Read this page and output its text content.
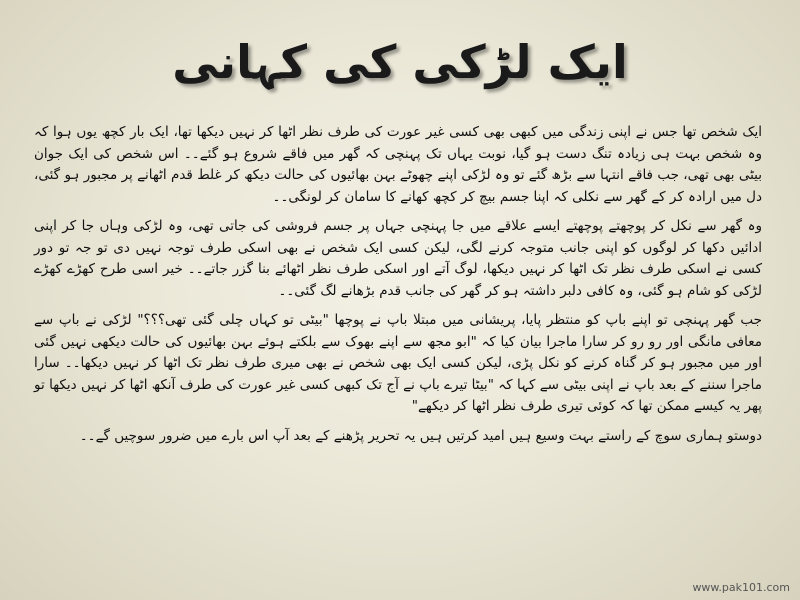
ایک لڑکی کی کہانی

ایک شخص تھا جس نے اپنی زندگی میں کبھی بھی کسی غیر عورت کی طرف نظر اٹھا کر نہیں دیکھا تھا، ایک بار کچھ یوں ہوا کہ وہ شخص بہت ہی زیادہ تنگ دست ہو گیا، نوبت یہاں تک پہنچی کہ گھر میں فاقے شروع ہو گئے۔۔ اس شخص کی ایک جوان بیٹی بھی تھی، جب فاقے انتہا سے بڑھ گئے تو وہ لڑکی اپنے چھوٹے بہن بھائیوں کی حالت دیکھ کر غلط قدم اٹھانے پر مجبور ہو گئی، دل میں ارادہ کر کے گھر سے نکلی کہ اپنا جسم بیچ کر کچھ کھانے کا سامان کر لونگی۔۔

وہ گھر سے نکل کر پوچھتے پوچھتے ایسے علاقے میں جا پہنچی جہاں پر جسم فروشی کی جاتی تھی، وہ لڑکی وہاں جا کر اپنی ادائیں دکھا کر لوگوں کو اپنی جانب متوجہ کرنے لگی، لیکن کسی ایک شخص نے بھی اسکی طرف توجہ نہیں دی تو جہ تو دور کسی نے اسکی طرف نظر تک اٹھا کر نہیں دیکھا، لوگ آتے اور اسکی طرف نظر اٹھائے بنا گزر جاتے۔۔ خیر اسی طرح کھڑے کھڑے لڑکی کو شام ہو گئی، وہ کافی دلبر داشتہ ہو کر گھر کی جانب قدم بڑھانے لگ گئی۔۔

جب گھر پہنچی تو اپنے باپ کو منتظر پایا، پریشانی میں مبتلا باپ نے پوچھا "بیٹی تو کہاں چلی گئی تھی؟؟؟" لڑکی نے باپ سے معافی مانگی اور رو رو کر سارا ماجرا بیان کیا کہ "ابو مجھ سے اپنے بھوک سے بلکتے ہوئے بہن بھائیوں کی حالت دیکھی نہیں گئی اور میں مجبور ہو کر گناہ کرنے کو نکل پڑی، لیکن کسی ایک بھی شخص نے بھی میری طرف نظر تک اٹھا کر نہیں دیکھا۔۔ سارا ماجرا سننے کے بعد باپ نے اپنی بیٹی سے کہا کہ "بیٹا تیرے باپ نے آج تک کبھی کسی غیر عورت کی طرف آنکھ اٹھا کر نہیں دیکھا تو پھر یہ کیسے ممکن تھا کہ کوئی تیری طرف نظر اٹھا کر دیکھے"

دوستو ہماری سوچ کے راستے بہت وسیع ہیں امید کرتیں ہیں یہ تحریر پڑھنے کے بعد آپ اس بارے میں ضرور سوچیں گے۔۔

www.pak101.com
